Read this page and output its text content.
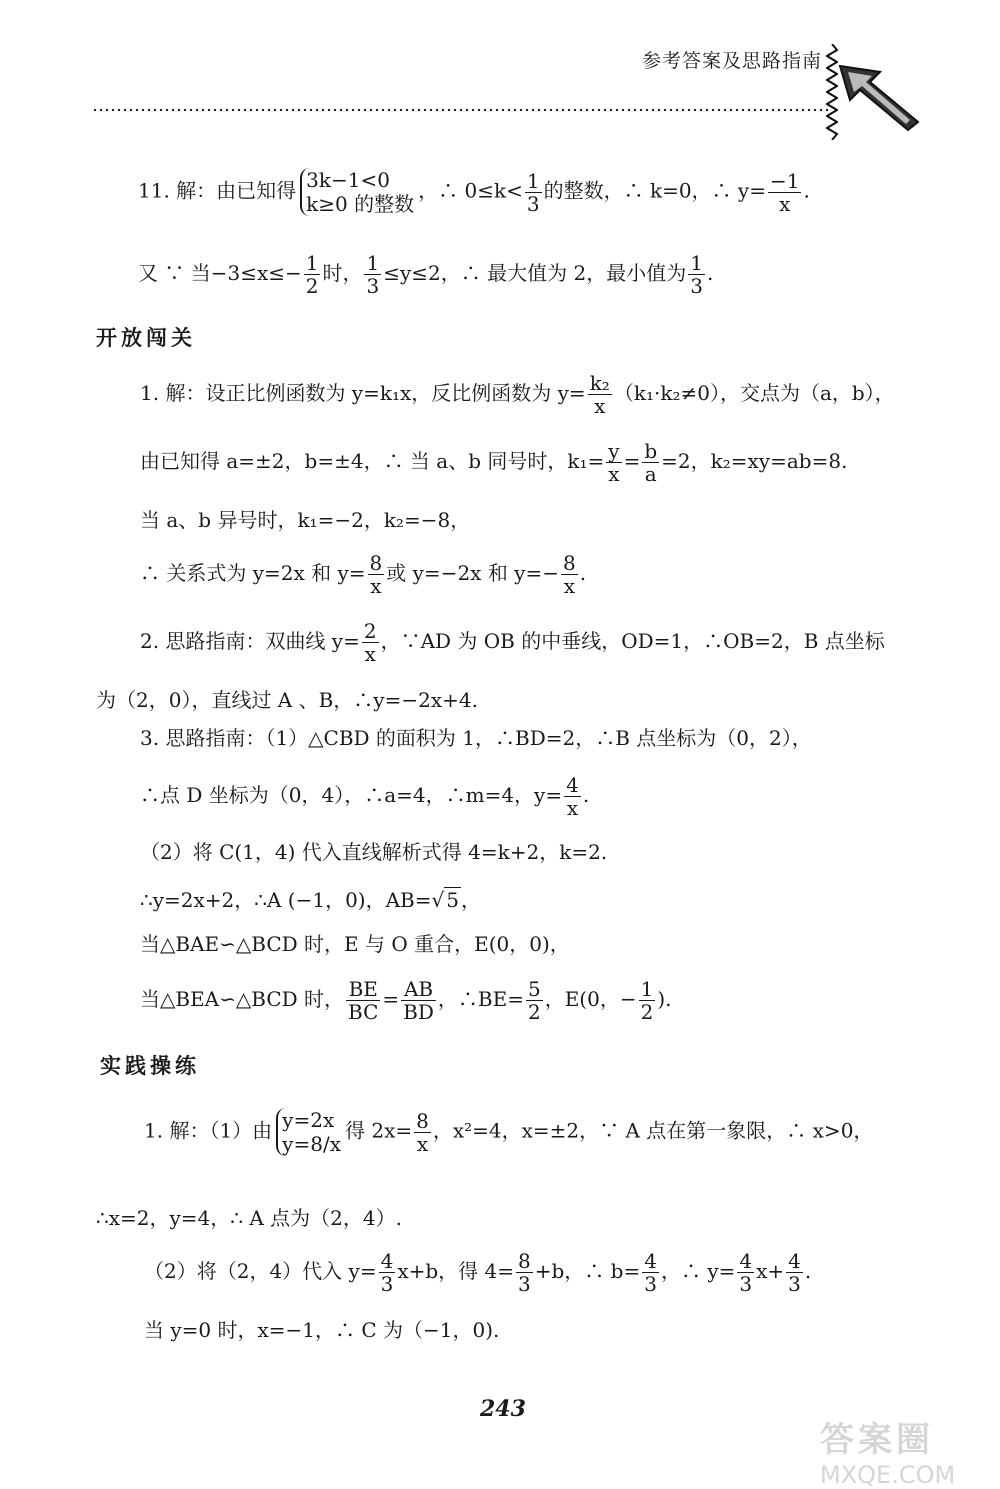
参考答案及思路指南
11. 解：由已知得 3k−1<0
k≥0 的整数
，∴ $0\le k< \frac{1}{3}$ 的整数，∴ k=0，∴ $y= \frac{-1}{x}$ .
又 ∵ 当$-3\le x\le- \frac{1}{2}$ 时， $\frac{1}{3} \le y\le 2$，∴ 最大值为 2，最小值为 $\frac{1}{3}$ .
开放闯关
1. 解：设正比例函数为 y=k₁x，反比例函数为 $y= \frac{\text{k₂}}{x} (k_1\cdot k_2\ne 0)$，交点为（a，b），
由已知得 a=±2，b=±4，∴ 当 a、b 同号时，$k_1= \frac{y}{x} = \frac{b}{a} =2$，k₂=xy=ab=8.
当 a、b 异号时，k₁=−2，k₂=−8，
∴ 关系式为 y=2x 和 $y= \frac{8}{x}$ 或 y=−2x 和 $y=- \frac{8}{x}$ .
2. 思路指南：双曲线 $y= \frac{2}{x}$ ，∵AD 为 OB 的中垂线，OD=1，∴OB=2，B 点坐标
为（2，0），直线过 A 、B，∴y=−2x+4.
3. 思路指南：（1）△CBD 的面积为 1，∴BD=2，∴B 点坐标为（0，2），
∴点 D 坐标为（0，4），∴a=4，∴m=4，$y= \frac{4}{x}$ .
（2）将 C(1，4) 代入直线解析式得 4=k+2，k=2.
∴y=2x+2，∴A (−1，0)，AB=√ 5 ，
当△BAE∽△BCD 时，E 与 O 重合，E(0，0)，
当△BEA∽△BCD 时， $\frac{BE}{BC} = \frac{AB}{BD}$ ，∴BE= $\frac{5}{2}$ ，E(0，− $\frac{1}{2}$ ).
实践操练
1. 解：（1）由 y=2x
y=8/x
得 $2x= \frac{8}{x}$ ，x²=4，x=±2，∵ A 点在第一象限，∴ x>0，
∴x=2，y=4，∴ A 点为（2，4）.
（2）将（2，4）代入 $y= \frac{4}{3} x+b$，得 $4= \frac{8}{3} +b$，∴ $b= \frac{4}{3}$ ，∴ $y= \frac{4}{3} x+ \frac{4}{3}$ .
当 y=0 时，x=−1，∴ C 为（−1，0).
243
答案圈
MXQE.COM
